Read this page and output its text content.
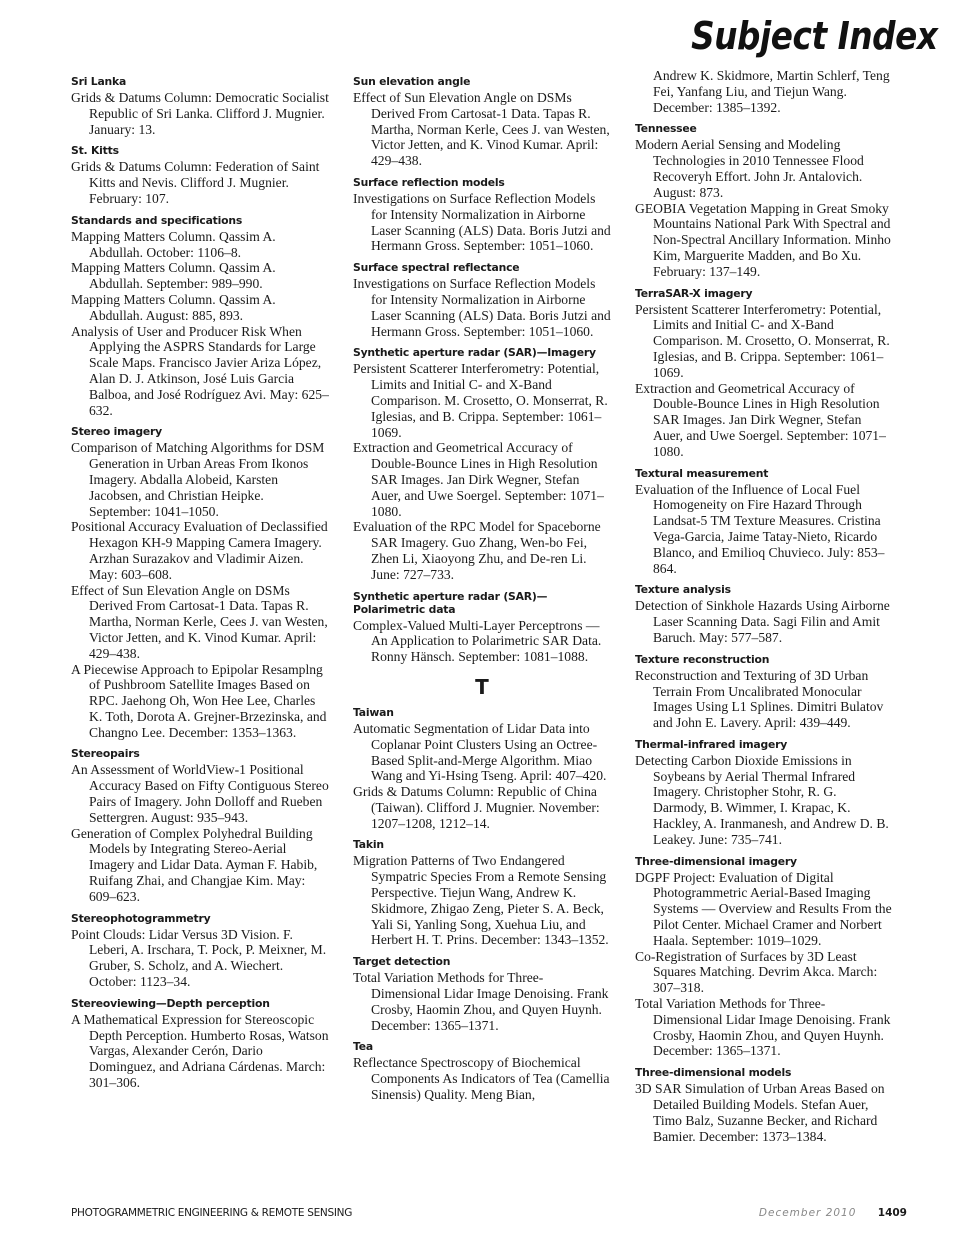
Subject Index
Sri Lanka
Grids & Datums Column: Democratic Socialist Republic of Sri Lanka. Clifford J. Mugnier. January: 13.
St. Kitts
Grids & Datums Column: Federation of Saint Kitts and Nevis. Clifford J. Mugnier. February: 107.
Standards and specifications
Mapping Matters Column. Qassim A. Abdullah. October: 1106–8.
Mapping Matters Column. Qassim A. Abdullah. September: 989–990.
Mapping Matters Column. Qassim A. Abdullah. August: 885, 893.
Analysis of User and Producer Risk When Applying the ASPRS Standards for Large Scale Maps. Francisco Javier Ariza López, Alan D. J. Atkinson, José Luis Garcia Balboa, and José Rodríguez Avi. May: 625–632.
Stereo imagery
Comparison of Matching Algorithms for DSM Generation in Urban Areas From Ikonos Imagery. Abdalla Alobeid, Karsten Jacobsen, and Christian Heipke. September: 1041–1050.
Positional Accuracy Evaluation of Declassified Hexagon KH-9 Mapping Camera Imagery. Arzhan Surazakov and Vladimir Aizen. May: 603–608.
Effect of Sun Elevation Angle on DSMs Derived From Cartosat-1 Data. Tapas R. Martha, Norman Kerle, Cees J. van Westen, Victor Jetten, and K. Vinod Kumar. April: 429–438.
A Piecewise Approach to Epipolar Resamplng of Pushbroom Satellite Images Based on RPC. Jaehong Oh, Won Hee Lee, Charles K. Toth, Dorota A. Grejner-Brzezinska, and Changno Lee. December: 1353–1363.
Stereopairs
An Assessment of WorldView-1 Positional Accuracy Based on Fifty Contiguous Stereo Pairs of Imagery. John Dolloff and Rueben Settergren. August: 935–943.
Generation of Complex Polyhedral Building Models by Integrating Stereo-Aerial Imagery and Lidar Data. Ayman F. Habib, Ruifang Zhai, and Changjae Kim. May: 609–623.
Stereophotogrammetry
Point Clouds: Lidar Versus 3D Vision. F. Leberi, A. Irschara, T. Pock, P. Meixner, M. Gruber, S. Scholz, and A. Wiechert. October: 1123–34.
Stereoviewing—Depth perception
A Mathematical Expression for Stereoscopic Depth Perception. Humberto Rosas, Watson Vargas, Alexander Cerón, Dario Dominguez, and Adriana Cárdenas. March: 301–306.
Sun elevation angle
Effect of Sun Elevation Angle on DSMs Derived From Cartosat-1 Data. Tapas R. Martha, Norman Kerle, Cees J. van Westen, Victor Jetten, and K. Vinod Kumar. April: 429–438.
Surface reflection models
Investigations on Surface Reflection Models for Intensity Normalization in Airborne Laser Scanning (ALS) Data. Boris Jutzi and Hermann Gross. September: 1051–1060.
Surface spectral reflectance
Investigations on Surface Reflection Models for Intensity Normalization in Airborne Laser Scanning (ALS) Data. Boris Jutzi and Hermann Gross. September: 1051–1060.
Synthetic aperture radar (SAR)—Imagery
Persistent Scatterer Interferometry: Potential, Limits and Initial C- and X-Band Comparison. M. Crosetto, O. Monserrat, R. Iglesias, and B. Crippa. September: 1061–1069.
Extraction and Geometrical Accuracy of Double-Bounce Lines in High Resolution SAR Images. Jan Dirk Wegner, Stefan Auer, and Uwe Soergel. September: 1071–1080.
Evaluation of the RPC Model for Spaceborne SAR Imagery. Guo Zhang, Wen-bo Fei, Zhen Li, Xiaoyong Zhu, and De-ren Li. June: 727–733.
Synthetic aperture radar (SAR)—Polarimetric data
Complex-Valued Multi-Layer Perceptrons — An Application to Polarimetric SAR Data. Ronny Hänsch. September: 1081–1088.
T
Taiwan
Automatic Segmentation of Lidar Data into Coplanar Point Clusters Using an Octree-Based Split-and-Merge Algorithm. Miao Wang and Yi-Hsing Tseng. April: 407–420.
Grids & Datums Column: Republic of China (Taiwan). Clifford J. Mugnier. November: 1207–1208, 1212–14.
Takin
Migration Patterns of Two Endangered Sympatric Species From a Remote Sensing Perspective. Tiejun Wang, Andrew K. Skidmore, Zhigao Zeng, Pieter S. A. Beck, Yali Si, Yanling Song, Xuehua Liu, and Herbert H. T. Prins. December: 1343–1352.
Target detection
Total Variation Methods for Three-Dimensional Lidar Image Denoising. Frank Crosby, Haomin Zhou, and Quyen Huynh. December: 1365–1371.
Tea
Reflectance Spectroscopy of Biochemical Components As Indicators of Tea (Camellia Sinensis) Quality. Meng Bian,
Andrew K. Skidmore, Martin Schlerf, Teng Fei, Yanfang Liu, and Tiejun Wang. December: 1385–1392.
Tennessee
Modern Aerial Sensing and Modeling Technologies in 2010 Tennessee Flood Recoveryh Effort. John Jr. Antalovich. August: 873.
GEOBIA Vegetation Mapping in Great Smoky Mountains National Park With Spectral and Non-Spectral Ancillary Information. Minho Kim, Marguerite Madden, and Bo Xu. February: 137–149.
TerraSAR-X imagery
Persistent Scatterer Interferometry: Potential, Limits and Initial C- and X-Band Comparison. M. Crosetto, O. Monserrat, R. Iglesias, and B. Crippa. September: 1061–1069.
Extraction and Geometrical Accuracy of Double-Bounce Lines in High Resolution SAR Images. Jan Dirk Wegner, Stefan Auer, and Uwe Soergel. September: 1071–1080.
Textural measurement
Evaluation of the Influence of Local Fuel Homogeneity on Fire Hazard Through Landsat-5 TM Texture Measures. Cristina Vega-Garcia, Jaime Tatay-Nieto, Ricardo Blanco, and Emilioq Chuvieco. July: 853–864.
Texture analysis
Detection of Sinkhole Hazards Using Airborne Laser Scanning Data. Sagi Filin and Amit Baruch. May: 577–587.
Texture reconstruction
Reconstruction and Texturing of 3D Urban Terrain From Uncalibrated Monocular Images Using L1 Splines. Dimitri Bulatov and John E. Lavery. April: 439–449.
Thermal-infrared imagery
Detecting Carbon Dioxide Emissions in Soybeans by Aerial Thermal Infrared Imagery. Christopher Stohr, R. G. Darmody, B. Wimmer, I. Krapac, K. Hackley, A. Iranmanesh, and Andrew D. B. Leakey. June: 735–741.
Three-dimensional imagery
DGPF Project: Evaluation of Digital Photogrammetric Aerial-Based Imaging Systems — Overview and Results From the Pilot Center. Michael Cramer and Norbert Haala. September: 1019–1029.
Co-Registration of Surfaces by 3D Least Squares Matching. Devrim Akca. March: 307–318.
Total Variation Methods for Three-Dimensional Lidar Image Denoising. Frank Crosby, Haomin Zhou, and Quyen Huynh. December: 1365–1371.
Three-dimensional models
3D SAR Simulation of Urban Areas Based on Detailed Building Models. Stefan Auer, Timo Balz, Suzanne Becker, and Richard Bamier. December: 1373–1384.
PHOTOGRAMMETRIC ENGINEERING & REMOTE SENSING	December 2010 1409
